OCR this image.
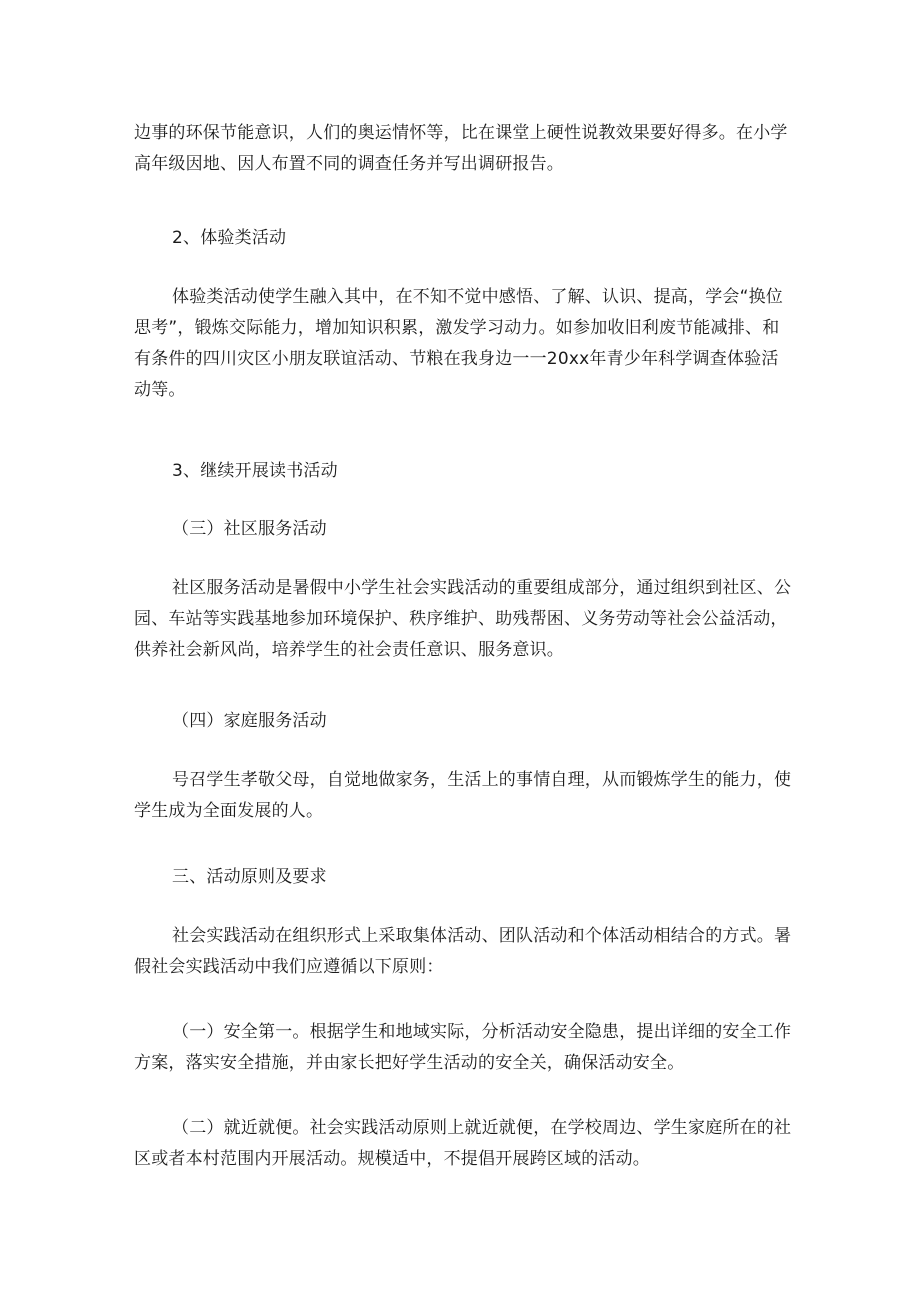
边事的环保节能意识，人们的奥运情怀等，比在课堂上硬性说教效果要好得多。在小学高年级因地、因人布置不同的调查任务并写出调研报告。

2、体验类活动

体验类活动使学生融入其中，在不知不觉中感悟、了解、认识、提高，学会“换位思考”，锻炼交际能力，增加知识积累，激发学习动力。如参加收旧利废节能减排、和有条件的四川灾区小朋友联谊活动、节粮在我身边一一20xx年青少年科学调查体验活动等。

3、继续开展读书活动

（三）社区服务活动

社区服务活动是暑假中小学生社会实践活动的重要组成部分，通过组织到社区、公园、车站等实践基地参加环境保护、秩序维护、助残帮困、义务劳动等社会公益活动，供养社会新风尚，培养学生的社会责任意识、服务意识。

（四）家庭服务活动

号召学生孝敬父母，自觉地做家务，生活上的事情自理，从而锻炼学生的能力，使学生成为全面发展的人。

三、活动原则及要求

社会实践活动在组织形式上采取集体活动、团队活动和个体活动相结合的方式。暑假社会实践活动中我们应遵循以下原则：

（一）安全第一。根据学生和地域实际，分析活动安全隐患，提出详细的安全工作方案，落实安全措施，并由家长把好学生活动的安全关，确保活动安全。

（二）就近就便。社会实践活动原则上就近就便，在学校周边、学生家庭所在的社区或者本村范围内开展活动。规模适中，不提倡开展跨区域的活动。
